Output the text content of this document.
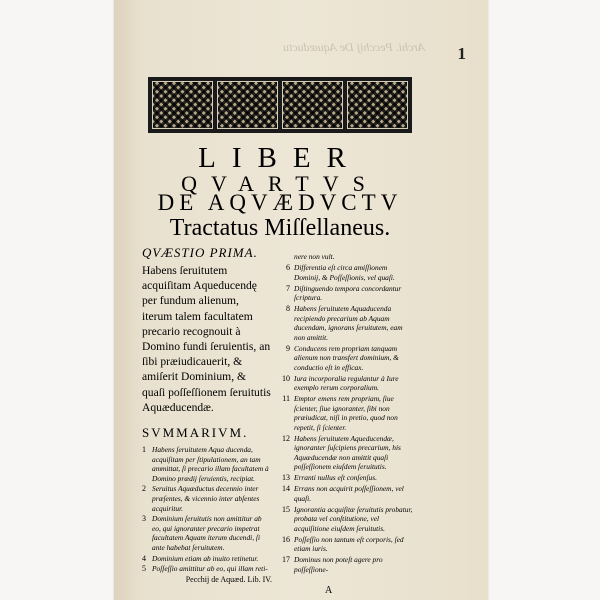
Archi. Pecchij De Aquæductu	1
LIBER
QVARTVS
DE AQVÆDVCTV
Tractatus Miſſellaneus.
QVÆSTIO PRIMA.
Habens ſeruitutem acquiſitam Aqueducendę per fundum alienum, iterum talem facultatem precario recognouit à Domino fundi ſeruientis, an ſibi præiudicauerit, & amiſerit Dominium, & quaſi poſſeſſionem ſeruitutis Aquæducendæ.
SVMMARIVM.
1 Habens ſeruitutem Aqua ducenda, acquiſitam per ſtipulationem, an tam ammittat, ſi precario illam facultatem à Domino prædij ſeruientis, recipiat.
2 Seruitus Aquæductus decennio inter præſentes, & vicennio inter abſentes acquiritur.
3 Dominium ſeruitutis non amittitur ab eo, qui ignoranter precario impetrat facultatem Aquam iterum ducendi, ſi ante habebat ſeruitutem.
4 Dominium etiam ab inuito retinetur.
5 Poſſeſſio amittitur ab eo, qui illam reti-
Pecchij de Aquæd. Lib. IV.
nere non vult.
6 Differentia eſt circa amiſſionem Dominij, & Poſſeſſionis, vel quaſi.
7 Diſtinguendo tempora concordantur ſcriptura.
8 Habens ſeruitutem Aquaducenda recipiendo precarium ab Aquam ducendam, ignorans ſeruitutem, eam non amittit.
9 Conducens rem propriam tanquam alienum non transfert dominium, & conductio eſt in efficax.
10 Iura incorporalia regulantur à Iure exemplo rerum corporalium.
11 Emptor emens rem propriam, ſiue ſcienter, ſiue ignoranter, ſibi non præiudicat, niſi in pretio, quod non repetit, ſi ſcienter.
12 Habens ſeruitutem Aqueducendæ, ignoranter ſuſcipiens precarium, his Aquæducendæ non amittit quaſi poſſeſſionem eiuſdem ſeruitutis.
13 Erranti nullus eſt conſenſus.
14 Errans non acquirit poſſeſſionem, vel quaſi.
15 Ignorantia acquiſitæ ſeruitutis probatur, probata vel conſtitutione, vel acquiſitione eiuſdem ſeruitutis.
16 Poſſeſſio non tantum eſt corporis, ſed etiam iuris.
17 Dominus non poteſt agere pro poſſeſſione-
A
